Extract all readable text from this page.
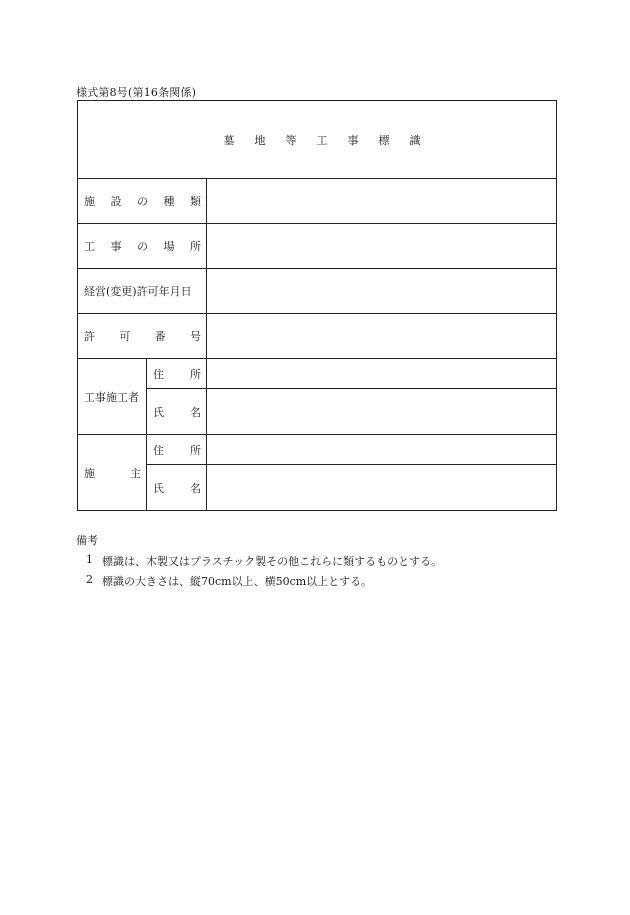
様式第8号(第16条関係)
墓 地 等 工 事 標 識		

施 設 の 種 類		

工 事 の 場 所		

経営(変更)許可年月日		

許 可 番 号		

工事施工者	住 所	

	氏 名	

施 主	住 所	

	氏 名	

備考
1 標識は、木製又はプラスチック製その他これらに類するものとする。
2 標識の大きさは、縦70cm以上、横50cm以上とする。
